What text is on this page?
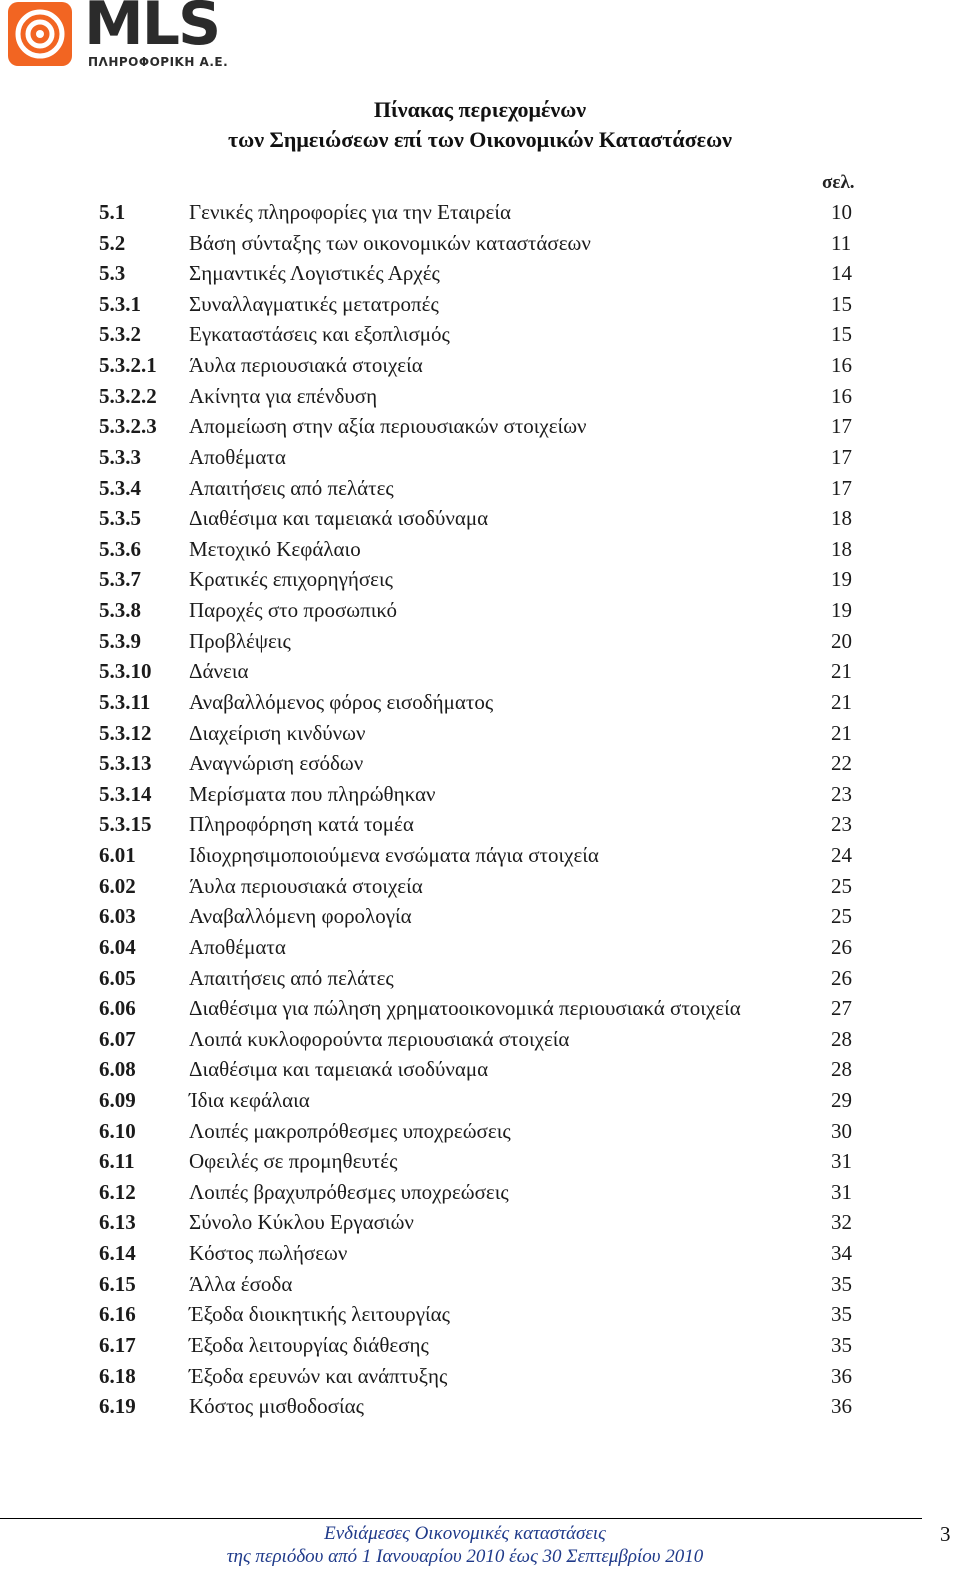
MLS
ΠΛΗΡΟΦΟΡΙΚΗ Α.Ε.
Πίνακας περιεχομένων
των Σημειώσεων επί των Οικονομικών Καταστάσεων
σελ.
5.1	Γενικές πληροφορίες για την Εταιρεία	10
5.2	Βάση σύνταξης των οικονομικών καταστάσεων	11
5.3	Σημαντικές Λογιστικές Αρχές	14
5.3.1 Συναλλαγματικές μετατροπές	15
5.3.2 Εγκαταστάσεις και εξοπλισμός	15
5.3.2.1 Άυλα περιουσιακά στοιχεία	16
5.3.2.2 Ακίνητα για επένδυση	16
5.3.2.3 Απομείωση στην αξία περιουσιακών στοιχείων	17
5.3.3 Αποθέματα	17
5.3.4 Απαιτήσεις από πελάτες	17
5.3.5 Διαθέσιμα και ταμειακά ισοδύναμα	18
5.3.6 Μετοχικό Κεφάλαιο	18
5.3.7 Κρατικές επιχορηγήσεις	19
5.3.8 Παροχές στο προσωπικό	19
5.3.9 Προβλέψεις	20
5.3.10 Δάνεια	21
5.3.11 Αναβαλλόμενος φόρος εισοδήματος	21
5.3.12 Διαχείριση κινδύνων	21
5.3.13 Αναγνώριση εσόδων	22
5.3.14 Μερίσματα που πληρώθηκαν	23
5.3.15 Πληροφόρηση κατά τομέα	23
6.01	Ιδιοχρησιμοποιούμενα ενσώματα πάγια στοιχεία	24
6.02	Άυλα περιουσιακά στοιχεία	25
6.03	Αναβαλλόμενη φορολογία	25
6.04	Αποθέματα	26
6.05	Απαιτήσεις από πελάτες	26
6.06	Διαθέσιμα για πώληση χρηματοοικονομικά περιουσιακά στοιχεία	27
6.07	Λοιπά κυκλοφορούντα περιουσιακά στοιχεία	28
6.08	Διαθέσιμα και ταμειακά ισοδύναμα	28
6.09	Ίδια κεφάλαια	29
6.10	Λοιπές μακροπρόθεσμες υποχρεώσεις	30
6.11	Οφειλές σε προμηθευτές	31
6.12	Λοιπές βραχυπρόθεσμες υποχρεώσεις	31
6.13	Σύνολο Κύκλου Εργασιών	32
6.14	Κόστος πωλήσεων	34
6.15	Άλλα έσοδα	35
6.16	Έξοδα διοικητικής λειτουργίας	35
6.17	Έξοδα λειτουργίας διάθεσης	35
6.18	Έξοδα ερευνών και ανάπτυξης	36
6.19	Κόστος μισθοδοσίας	36
Ενδιάμεσες Οικονομικές καταστάσεις
της περιόδου από 1 Ιανουαρίου 2010 έως 30 Σεπτεμβρίου 2010
3
